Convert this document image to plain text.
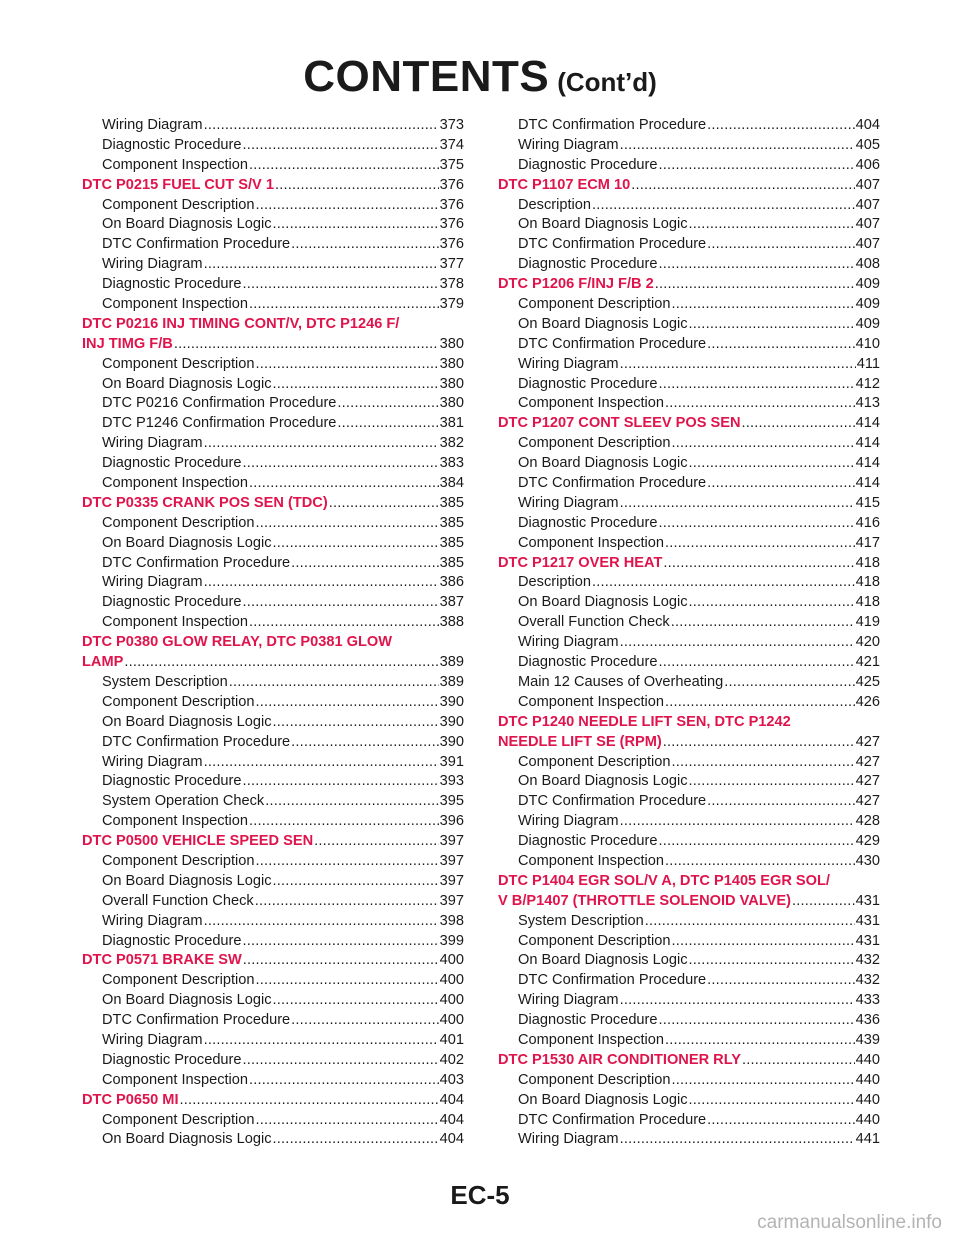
CONTENTS (Cont’d)
Wiring Diagram .....	373
Diagnostic Procedure .....	374
Component Inspection .....	375
DTC P0215 FUEL CUT S/V 1 .....	376
Component Description .....	376
On Board Diagnosis Logic .....	376
DTC Confirmation Procedure .....	376
Wiring Diagram .....	377
Diagnostic Procedure .....	378
Component Inspection .....	379
DTC P0216 INJ TIMING CONT/V, DTC P1246 F/
INJ TIMG F/B .....	380
Component Description .....	380
On Board Diagnosis Logic .....	380
DTC P0216 Confirmation Procedure .....	380
DTC P1246 Confirmation Procedure .....	381
Wiring Diagram .....	382
Diagnostic Procedure .....	383
Component Inspection .....	384
DTC P0335 CRANK POS SEN (TDC) .....	385
Component Description .....	385
On Board Diagnosis Logic .....	385
DTC Confirmation Procedure .....	385
Wiring Diagram .....	386
Diagnostic Procedure .....	387
Component Inspection .....	388
DTC P0380 GLOW RELAY, DTC P0381 GLOW
LAMP .....	389
System Description .....	389
Component Description .....	390
On Board Diagnosis Logic .....	390
DTC Confirmation Procedure .....	390
Wiring Diagram .....	391
Diagnostic Procedure .....	393
System Operation Check .....	395
Component Inspection .....	396
DTC P0500 VEHICLE SPEED SEN .....	397
Component Description .....	397
On Board Diagnosis Logic .....	397
Overall Function Check .....	397
Wiring Diagram .....	398
Diagnostic Procedure .....	399
DTC P0571 BRAKE SW .....	400
Component Description .....	400
On Board Diagnosis Logic .....	400
DTC Confirmation Procedure .....	400
Wiring Diagram .....	401
Diagnostic Procedure .....	402
Component Inspection .....	403
DTC P0650 MI .....	404
Component Description .....	404
On Board Diagnosis Logic .....	404
DTC Confirmation Procedure .....	404
Wiring Diagram .....	405
Diagnostic Procedure .....	406
DTC P1107 ECM 10 .....	407
Description .....	407
On Board Diagnosis Logic .....	407
DTC Confirmation Procedure .....	407
Diagnostic Procedure .....	408
DTC P1206 F/INJ F/B 2 .....	409
Component Description .....	409
On Board Diagnosis Logic .....	409
DTC Confirmation Procedure .....	410
Wiring Diagram .....	411
Diagnostic Procedure .....	412
Component Inspection .....	413
DTC P1207 CONT SLEEV POS SEN .....	414
Component Description .....	414
On Board Diagnosis Logic .....	414
DTC Confirmation Procedure .....	414
Wiring Diagram .....	415
Diagnostic Procedure .....	416
Component Inspection .....	417
DTC P1217 OVER HEAT .....	418
Description .....	418
On Board Diagnosis Logic .....	418
Overall Function Check .....	419
Wiring Diagram .....	420
Diagnostic Procedure .....	421
Main 12 Causes of Overheating .....	425
Component Inspection .....	426
DTC P1240 NEEDLE LIFT SEN, DTC P1242
NEEDLE LIFT SE (RPM) .....	427
Component Description .....	427
On Board Diagnosis Logic .....	427
DTC Confirmation Procedure .....	427
Wiring Diagram .....	428
Diagnostic Procedure .....	429
Component Inspection .....	430
DTC P1404 EGR SOL/V A, DTC P1405 EGR SOL/
V B/P1407 (THROTTLE SOLENOID VALVE) .....	431
System Description .....	431
Component Description .....	431
On Board Diagnosis Logic .....	432
DTC Confirmation Procedure .....	432
Wiring Diagram .....	433
Diagnostic Procedure .....	436
Component Inspection .....	439
DTC P1530 AIR CONDITIONER RLY .....	440
Component Description .....	440
On Board Diagnosis Logic .....	440
DTC Confirmation Procedure .....	440
Wiring Diagram .....	441
EC-5
carmanualsonline.info
